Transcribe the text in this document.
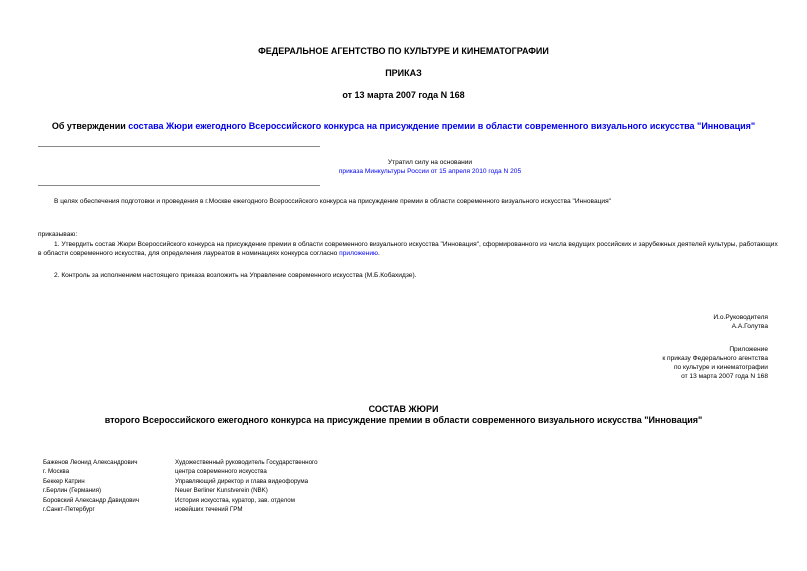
ФЕДЕРАЛЬНОЕ АГЕНТСТВО ПО КУЛЬТУРЕ И КИНЕМАТОГРАФИИ
ПРИКАЗ
от 13 марта 2007 года N 168
Об утверждении состава Жюри ежегодного Всероссийского конкурса на присуждение премии в области современного визуального искусства "Инновация"
Утратил силу на основании
приказа Минкультуры России от 15 апреля 2010 года N 205
В целях обеспечения подготовки и проведения в г.Москве ежегодного Всероссийского конкурса на присуждение премии в области современного визуального искусства "Инновация"
приказываю:
1. Утвердить состав Жюри Всероссийского конкурса на присуждение премии в области современного визуального искусства "Инновация", сформированного из числа ведущих российских и зарубежных деятелей культуры, работающих в области современного искусства, для определения лауреатов в номинациях конкурса согласно приложению.
2. Контроль за исполнением настоящего приказа возложить на Управление современного искусства (М.Б.Кобахидзе).
И.о.Руководителя
А.А.Голутва
Приложение
к приказу Федерального агентства
по культуре и кинематографии
от 13 марта 2007 года N 168
СОСТАВ ЖЮРИ
второго Всероссийского ежегодного конкурса на присуждение премии в области современного визуального искусства "Инновация"
Баженов Леонид Александрович
г. Москва
Художественный руководитель Государственного
центра современного искусства
Беккер Катрин
г.Берлин (Германия)
Управляющий директор и глава видеофорума
Neuer Berliner Kunstverein (NBK)
Боровский Александр Давидович
г.Санкт-Петербург
История искусства, куратор, зав. отделом
новейших течений ГРМ
